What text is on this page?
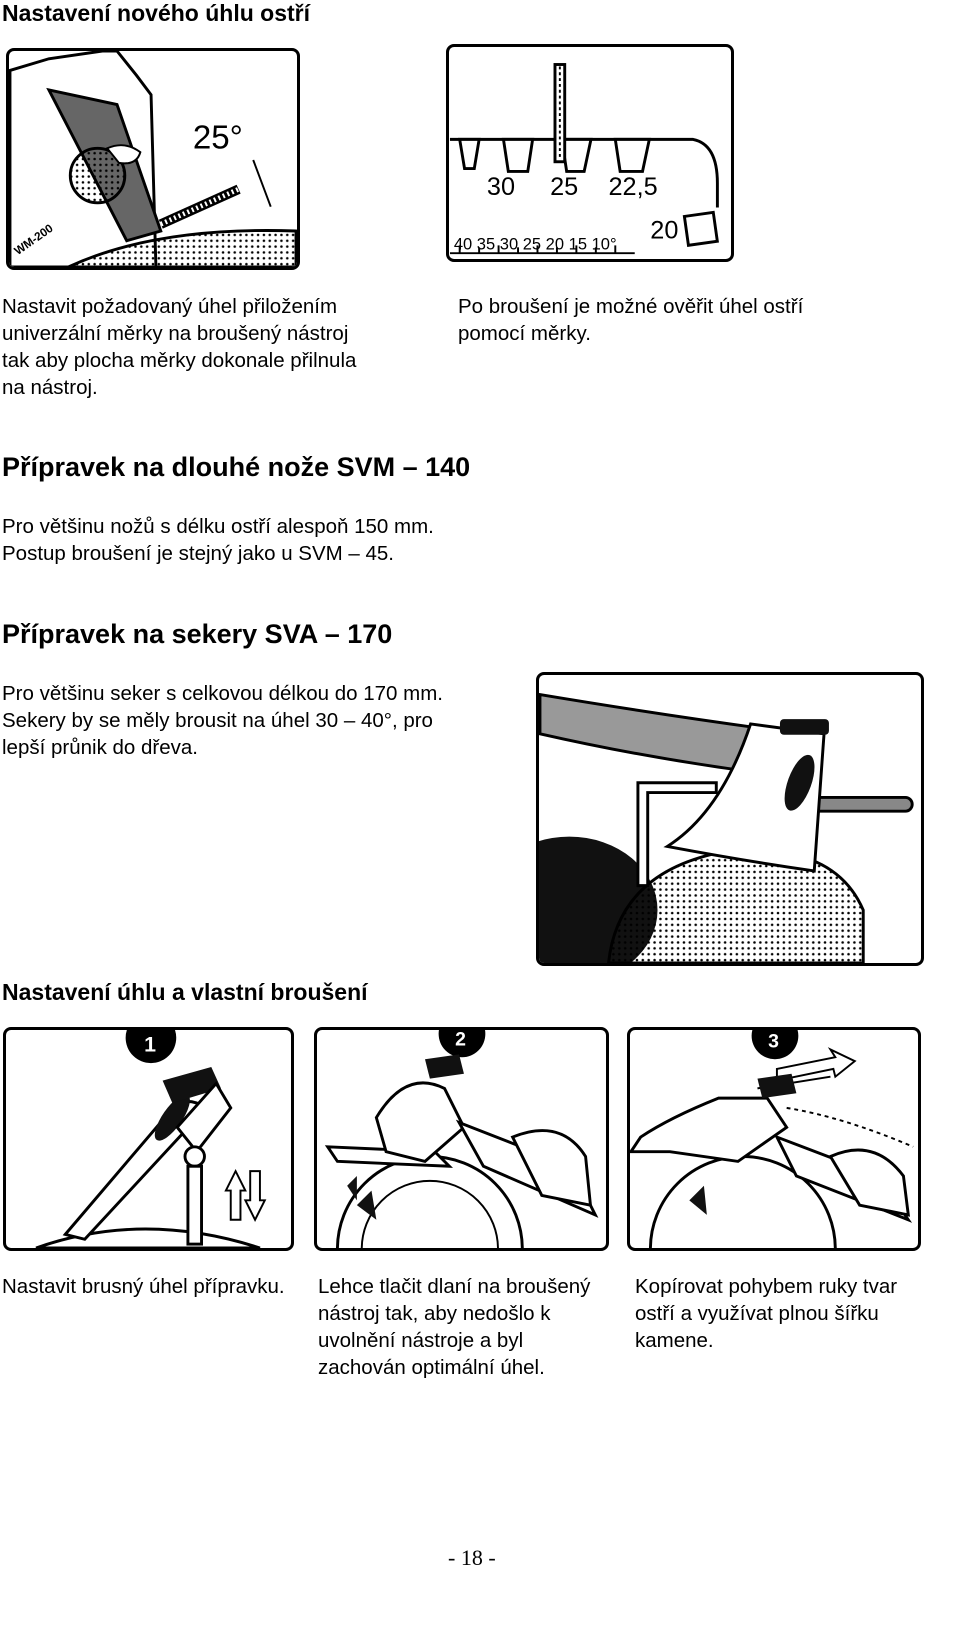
Nastavení nového úhlu ostří
25°
WM-200
30 25 22,5
20
40 35 30 25 20 15 10°
Nastavit požadovaný úhel přiložením
univerzální měrky na broušený nástroj
tak aby plocha měrky dokonale přilnula
na nástroj.
Po broušení je možné ověřit úhel ostří
pomocí měrky.
Přípravek na dlouhé nože SVM – 140
Pro většinu nožů s délku ostří alespoň 150 mm.
Postup broušení je stejný jako u SVM – 45.
Přípravek na sekery SVA – 170
Pro většinu seker s celkovou délkou do 170 mm.
Sekery by se měly brousit na úhel 30 – 40°, pro
lepší průnik do dřeva.
Nastavení úhlu a vlastní broušení
1	2	3
Nastavit brusný úhel přípravku.	Lehce tlačit dlaní na broušený
nástroj tak, aby nedošlo k
uvolnění nástroje a byl
zachován optimální úhel.
Kopírovat pohybem ruky tvar
ostří a využívat plnou šířku
kamene.
- 18 -
